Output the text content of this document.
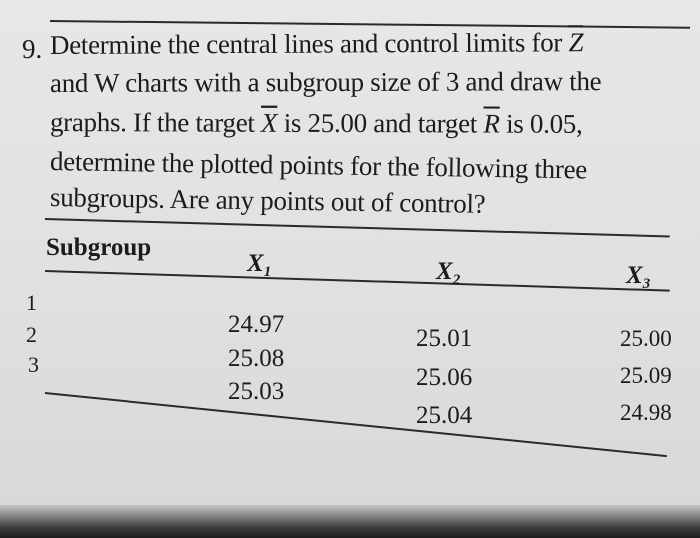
9. Determine the central lines and control limits for $\overline{Z}$
and W charts with a subgroup size of 3 and draw the
graphs. If the target $\overline{X}$ is 25.00 and target $\overline{R}$ is 0.05,
determine the plotted points for the following three
subgroups. Are any points out of control?
Subgroup
$X_1$	$X_2$	$X_3$
1
2
3
24.97
25.08
25.03
25.01
25.06
25.04
25.00
25.09
24.98
